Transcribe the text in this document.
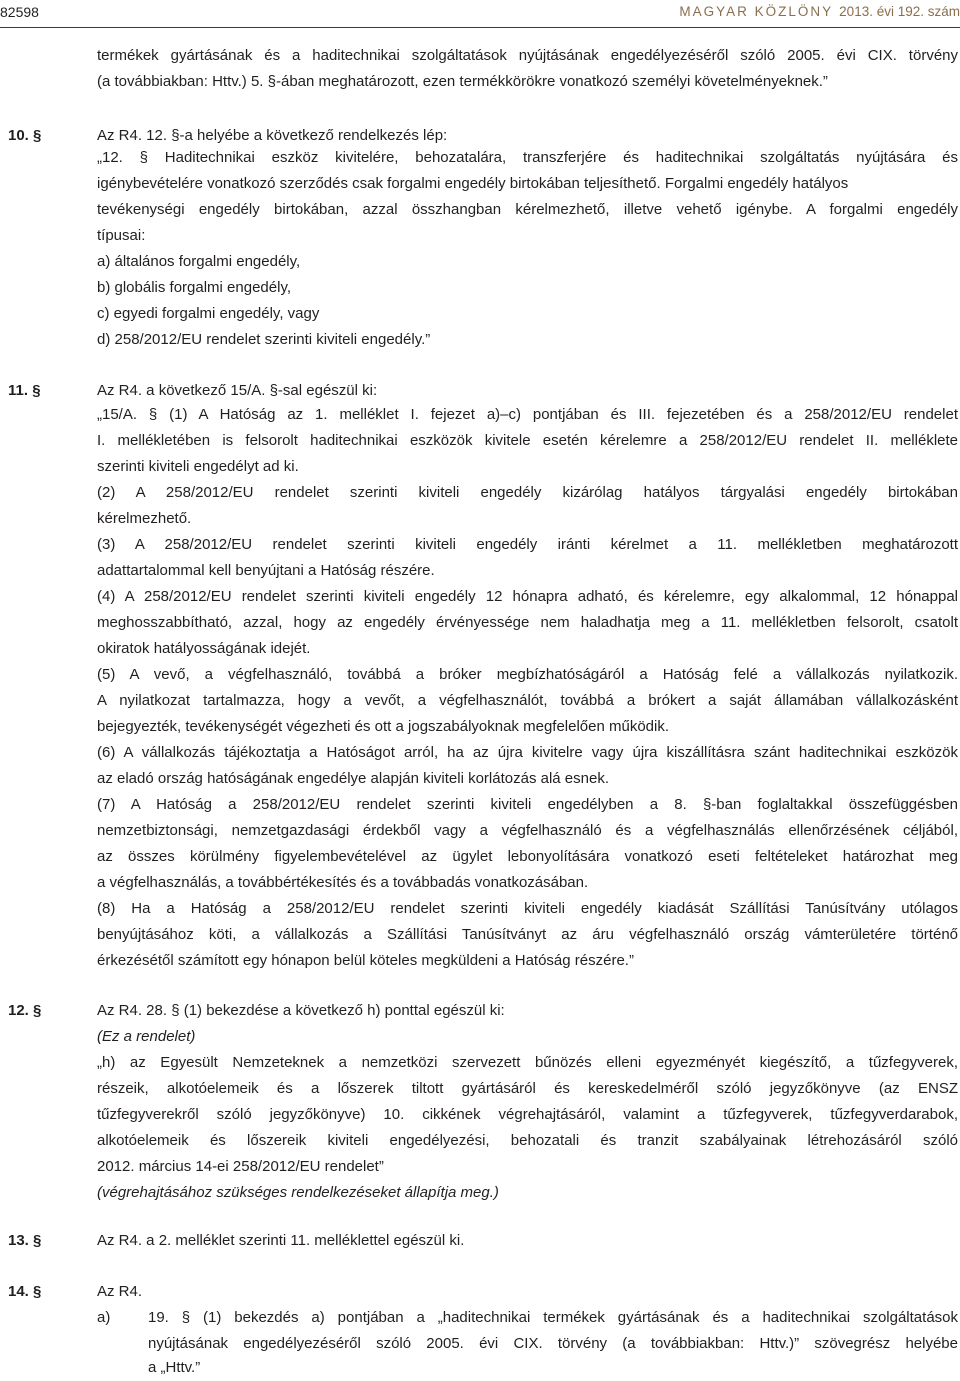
82598	MAGYAR KÖZLÖNY 2013. évi 192. szám
termékek gyártásának és a haditechnikai szolgáltatások nyújtásának engedélyezéséről szóló 2005. évi CIX. törvény
(a továbbiakban: Httv.) 5. §-ában meghatározott, ezen termékkörökre vonatkozó személyi követelményeknek.”
10. §	Az R4. 12. §-a helyébe a következő rendelkezés lép:
„12. § Haditechnikai eszköz kivitelére, behozatalára, transzferjére és haditechnikai szolgáltatás nyújtására és
igénybevételére vonatkozó szerződés csak forgalmi engedély birtokában teljesíthető. Forgalmi engedély hatályos
tevékenységi engedély birtokában, azzal összhangban kérelmezhető, illetve vehető igénybe. A forgalmi engedély
típusai:
a) általános forgalmi engedély,
b) globális forgalmi engedély,
c) egyedi forgalmi engedély, vagy
d) 258/2012/EU rendelet szerinti kiviteli engedély.”
11. §	Az R4. a következő 15/A. §-sal egészül ki:
„15/A. § (1) A Hatóság az 1. melléklet I. fejezet a)–c) pontjában és III. fejezetében és a 258/2012/EU rendelet
I. mellékletében is felsorolt haditechnikai eszközök kivitele esetén kérelemre a 258/2012/EU rendelet II. melléklete
szerinti kiviteli engedélyt ad ki.
(2) A 258/2012/EU rendelet szerinti kiviteli engedély kizárólag hatályos tárgyalási engedély birtokában
kérelmezhető.
(3) A 258/2012/EU rendelet szerinti kiviteli engedély iránti kérelmet a 11. mellékletben meghatározott
adattartalommal kell benyújtani a Hatóság részére.
(4) A 258/2012/EU rendelet szerinti kiviteli engedély 12 hónapra adható, és kérelemre, egy alkalommal, 12 hónappal
meghosszabbítható, azzal, hogy az engedély érvényessége nem haladhatja meg a 11. mellékletben felsorolt, csatolt
okiratok hatályosságának idejét.
(5) A vevő, a végfelhasználó, továbbá a bróker megbízhatóságáról a Hatóság felé a vállalkozás nyilatkozik.
A nyilatkozat tartalmazza, hogy a vevőt, a végfelhasználót, továbbá a brókert a saját államában vállalkozásként
bejegyezték, tevékenységét végezheti és ott a jogszabályoknak megfelelően működik.
(6) A vállalkozás tájékoztatja a Hatóságot arról, ha az újra kivitelre vagy újra kiszállításra szánt haditechnikai eszközök
az eladó ország hatóságának engedélye alapján kiviteli korlátozás alá esnek.
(7) A Hatóság a 258/2012/EU rendelet szerinti kiviteli engedélyben a 8. §-ban foglaltakkal összefüggésben
nemzetbiztonsági, nemzetgazdasági érdekből vagy a végfelhasználó és a végfelhasználás ellenőrzésének céljából,
az összes körülmény figyelembevételével az ügylet lebonyolítására vonatkozó eseti feltételeket határozhat meg
a végfelhasználás, a továbbértékesítés és a továbbadás vonatkozásában.
(8) Ha a Hatóság a 258/2012/EU rendelet szerinti kiviteli engedély kiadását Szállítási Tanúsítvány utólagos
benyújtásához köti, a vállalkozás a Szállítási Tanúsítványt az áru végfelhasználó ország vámterületére történő
érkezésétől számított egy hónapon belül köteles megküldeni a Hatóság részére.”
12. §	Az R4. 28. § (1) bekezdése a következő h) ponttal egészül ki:
(Ez a rendelet)
„h) az Egyesült Nemzeteknek a nemzetközi szervezett bűnözés elleni egyezményét kiegészítő, a tűzfegyverek,
részeik, alkotóelemeik és a lőszerek tiltott gyártásáról és kereskedelméről szóló jegyzőkönyve (az ENSZ
tűzfegyverekről szóló jegyzőkönyve) 10. cikkének végrehajtásáról, valamint a tűzfegyverek, tűzfegyverdarabok,
alkotóelemeik és lőszereik kiviteli engedélyezési, behozatali és tranzit szabályainak létrehozásáról szóló
2012. március 14-ei 258/2012/EU rendelet”
(végrehajtásához szükséges rendelkezéseket állapítja meg.)
13. §	Az R4. a 2. melléklet szerinti 11. melléklettel egészül ki.
14. §	Az R4.
a)	19. § (1) bekezdés a) pontjában a „haditechnikai termékek gyártásának és a haditechnikai szolgáltatások
nyújtásának engedélyezéséről szóló 2005. évi CIX. törvény (a továbbiakban: Httv.)” szövegrész helyébe
a „Httv.”
